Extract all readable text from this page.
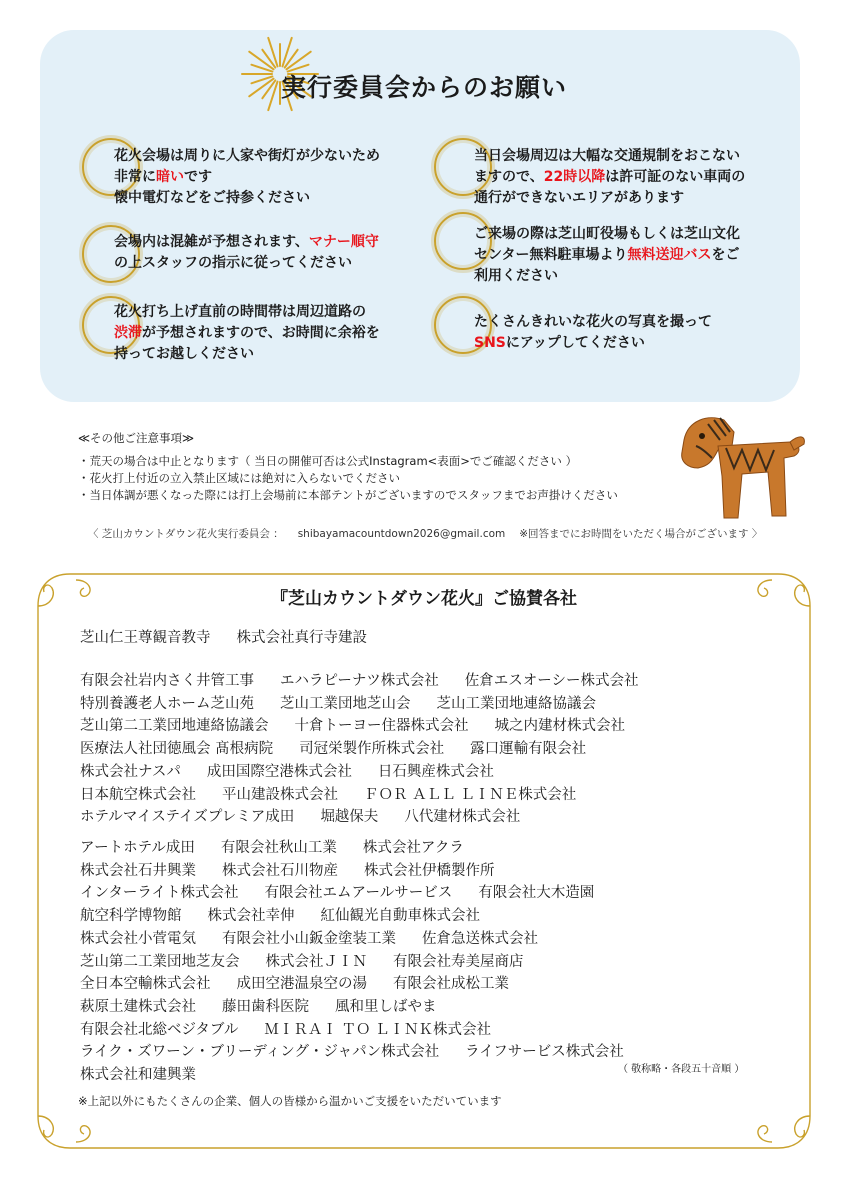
実行委員会からのお願い
花火会場は周りに人家や街灯が少ないため
非常に暗いです
懐中電灯などをご持参ください
会場内は混雑が予想されます、マナー順守
の上スタッフの指示に従ってください
花火打ち上げ直前の時間帯は周辺道路の
渋滞が予想されますので、お時間に余裕を
持ってお越しください
当日会場周辺は大幅な交通規制をおこない
ますので、22時以降は許可証のない車両の
通行ができないエリアがあります
ご来場の際は芝山町役場もしくは芝山文化
センター無料駐車場より無料送迎バスをご
利用ください
たくさんきれいな花火の写真を撮って
SNSにアップしてください
≪その他ご注意事項≫
・荒天の場合は中止となります（ 当日の開催可否は公式Instagram<表面>でご確認ください ）
・花火打上付近の立入禁止区域には絶対に入らないでください
・当日体調が悪くなった際には打上会場前に本部テントがございますのでスタッフまでお声掛けください
〈 芝山カウントダウン花火実行委員会 ： shibayamacountdown2026@gmail.com ※回答までにお時間をいただく場合がございます 〉
『芝山カウントダウン花火』ご協賛各社
芝山仁王尊観音教寺 株式会社真行寺建設
有限会社岩内さく井管工事 エハラピーナツ株式会社 佐倉エスオーシー株式会社
特別養護老人ホーム芝山苑 芝山工業団地芝山会 芝山工業団地連絡協議会
芝山第二工業団地連絡協議会 十倉トーヨー住器株式会社 城之内建材株式会社
医療法人社団徳風会 髙根病院 司冠栄製作所株式会社 露口運輸有限会社
株式会社ナスパ 成田国際空港株式会社 日石興産株式会社
日本航空株式会社 平山建設株式会社 ＦＯＲ ＡＬＬ ＬＩＮＥ株式会社
ホテルマイステイズプレミア成田 堀越保夫 八代建材株式会社
アートホテル成田 有限会社秋山工業 株式会社アクラ
株式会社石井興業 株式会社石川物産 株式会社伊橋製作所
インターライト株式会社 有限会社エムアールサービス 有限会社大木造園
航空科学博物館 株式会社幸伸 紅仙観光自動車株式会社
株式会社小菅電気 有限会社小山鈑金塗装工業 佐倉急送株式会社
芝山第二工業団地芝友会 株式会社ＪＩＮ 有限会社寿美屋商店
全日本空輸株式会社 成田空港温泉空の湯 有限会社成松工業
萩原土建株式会社 藤田歯科医院 風和里しばやま
有限会社北総ベジタブル ＭＩＲＡＩ ＴＯ ＬＩＮＫ株式会社
ライク・ズワーン・ブリーディング・ジャパン株式会社 ライフサービス株式会社
株式会社和建興業	（ 敬称略・各段五十音順 ）
※上記以外にもたくさんの企業、個人の皆様から温かいご支援をいただいています
